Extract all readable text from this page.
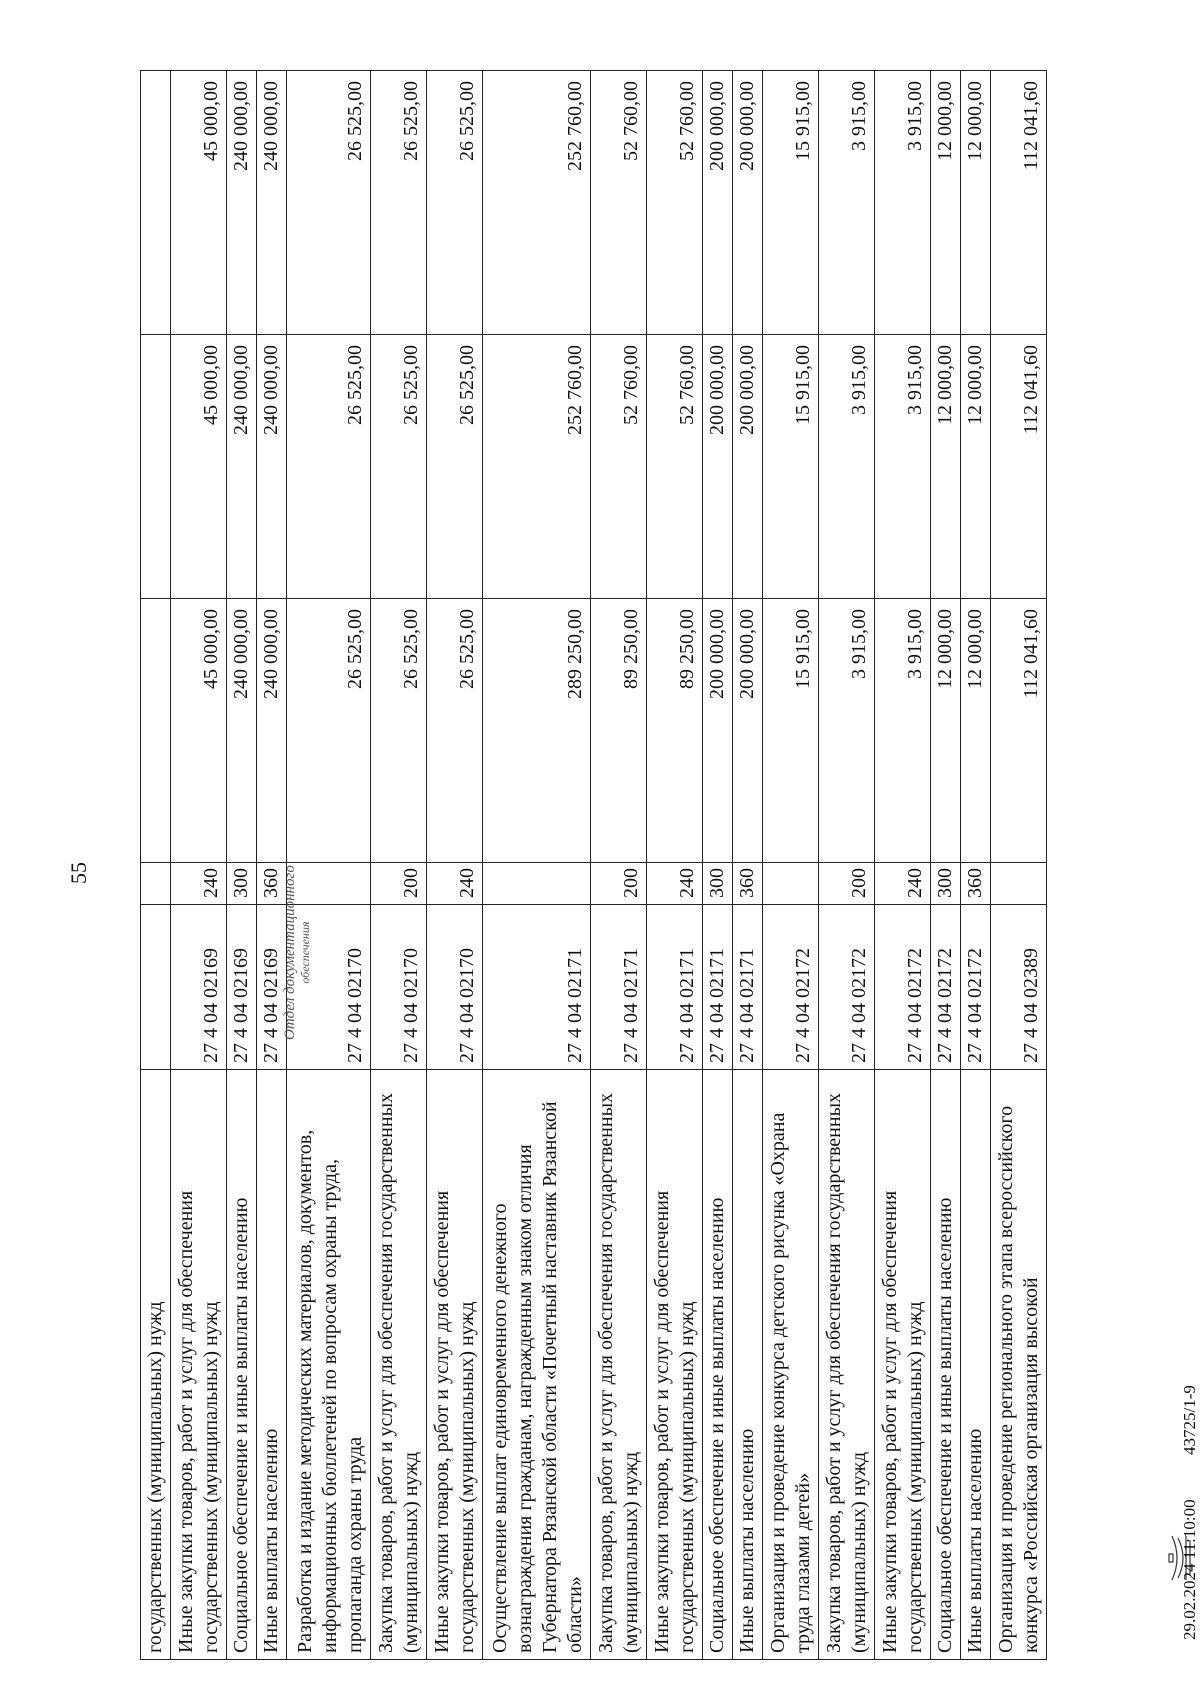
55
государственных (муниципальных) нужд					
Иные закупки товаров, работ и услуг для обеспечения государственных (муниципальных) нужд	27 4 04 02169	240	45 000,00	45 000,00	45 000,00
Социальное обеспечение и иные выплаты населению	27 4 04 02169	300	240 000,00	240 000,00	240 000,00
Иные выплаты населению	27 4 04 02169	360	240 000,00	240 000,00	240 000,00
Разработка и издание методических материалов, документов, информационных бюллетеней по вопросам охраны труда, пропаганда охраны труда	27 4 04 02170		26 525,00	26 525,00	26 525,00
Закупка товаров, работ и услуг для обеспечения государственных (муниципальных) нужд	27 4 04 02170	200	26 525,00	26 525,00	26 525,00
Иные закупки товаров, работ и услуг для обеспечения государственных (муниципальных) нужд	27 4 04 02170	240	26 525,00	26 525,00	26 525,00
Осуществление выплат единовременного денежного вознаграждения гражданам, награжденным знаком отличия Губернатора Рязанской области «Почетный наставник Рязанской области»	27 4 04 02171		289 250,00	252 760,00	252 760,00
Закупка товаров, работ и услуг для обеспечения государственных (муниципальных) нужд	27 4 04 02171	200	89 250,00	52 760,00	52 760,00
Иные закупки товаров, работ и услуг для обеспечения государственных (муниципальных) нужд	27 4 04 02171	240	89 250,00	52 760,00	52 760,00
Социальное обеспечение и иные выплаты населению	27 4 04 02171	300	200 000,00	200 000,00	200 000,00
Иные выплаты населению	27 4 04 02171	360	200 000,00	200 000,00	200 000,00
Организация и проведение конкурса детского рисунка «Охрана труда глазами детей»	27 4 04 02172		15 915,00	15 915,00	15 915,00
Закупка товаров, работ и услуг для обеспечения государственных (муниципальных) нужд	27 4 04 02172	200	3 915,00	3 915,00	3 915,00
Иные закупки товаров, работ и услуг для обеспечения государственных (муниципальных) нужд	27 4 04 02172	240	3 915,00	3 915,00	3 915,00
Социальное обеспечение и иные выплаты населению	27 4 04 02172	300	12 000,00	12 000,00	12 000,00
Иные выплаты населению	27 4 04 02172	360	12 000,00	12 000,00	12 000,00
Организация и проведение регионального этапа всероссийского конкурса «Российская организация высокой	27 4 04 02389		112 041,60	112 041,60	112 041,60
Отдел документационного обеспечения
29.02.2024 11:10:00
43725/1-9
